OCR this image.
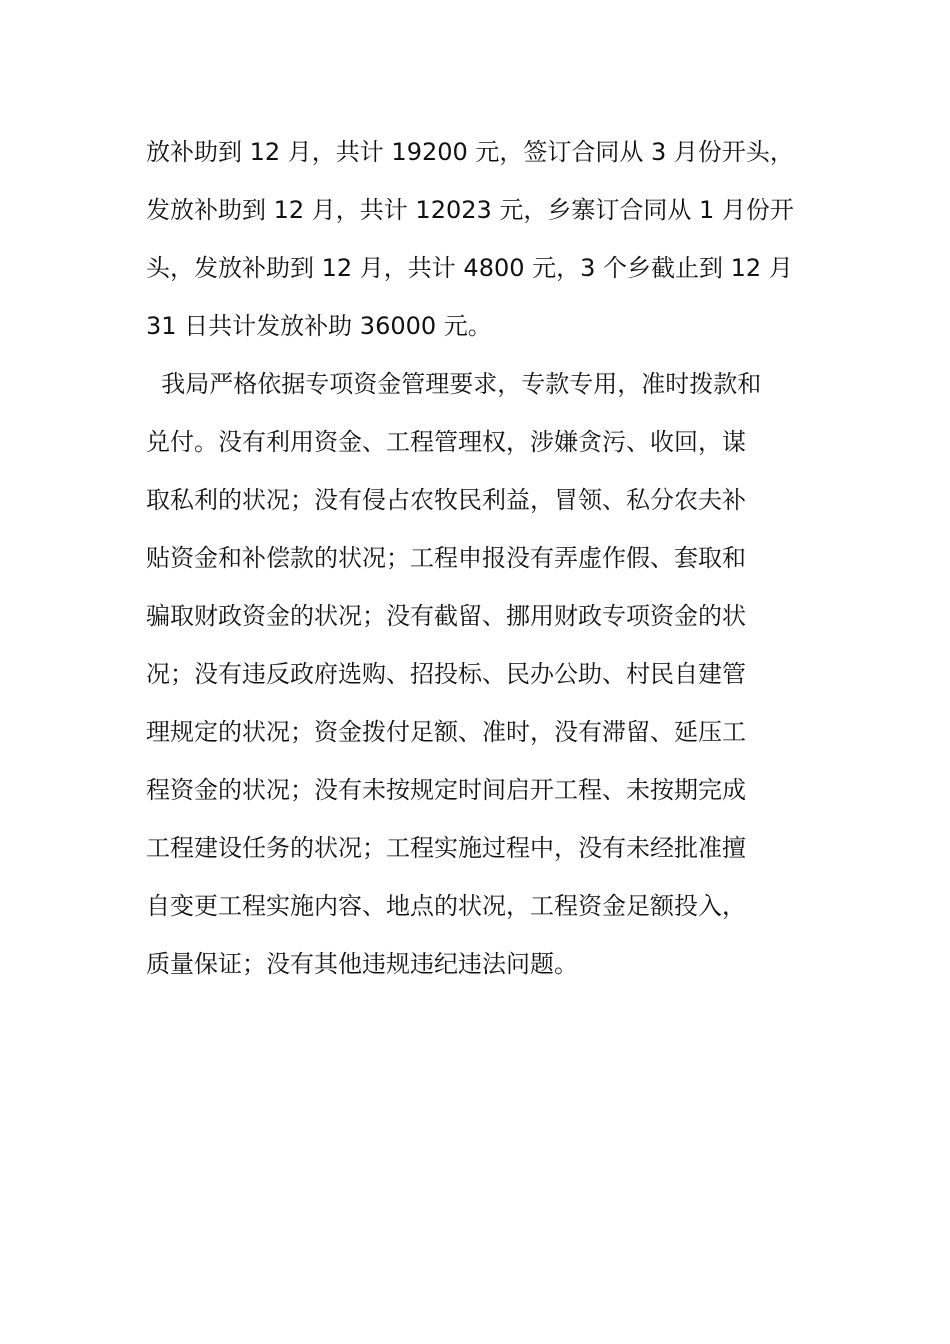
放补助到 12 月，共计 19200 元，签订合同从 3 月份开头，
发放补助到 12 月，共计 12023 元，乡寨订合同从 1 月份开
头，发放补助到 12 月，共计 4800 元，3 个乡截止到 12 月
31 日共计发放补助 36000 元。
我局严格依据专项资金管理要求，专款专用，准时拨款和
兑付。没有利用资金、工程管理权，涉嫌贪污、收回，谋
取私利的状况；没有侵占农牧民利益，冒领、私分农夫补
贴资金和补偿款的状况；工程申报没有弄虚作假、套取和
骗取财政资金的状况；没有截留、挪用财政专项资金的状
况；没有违反政府选购、招投标、民办公助、村民自建管
理规定的状况；资金拨付足额、准时，没有滞留、延压工
程资金的状况；没有未按规定时间启开工程、未按期完成
工程建设任务的状况；工程实施过程中，没有未经批准擅
自变更工程实施内容、地点的状况，工程资金足额投入，
质量保证；没有其他违规违纪违法问题。
